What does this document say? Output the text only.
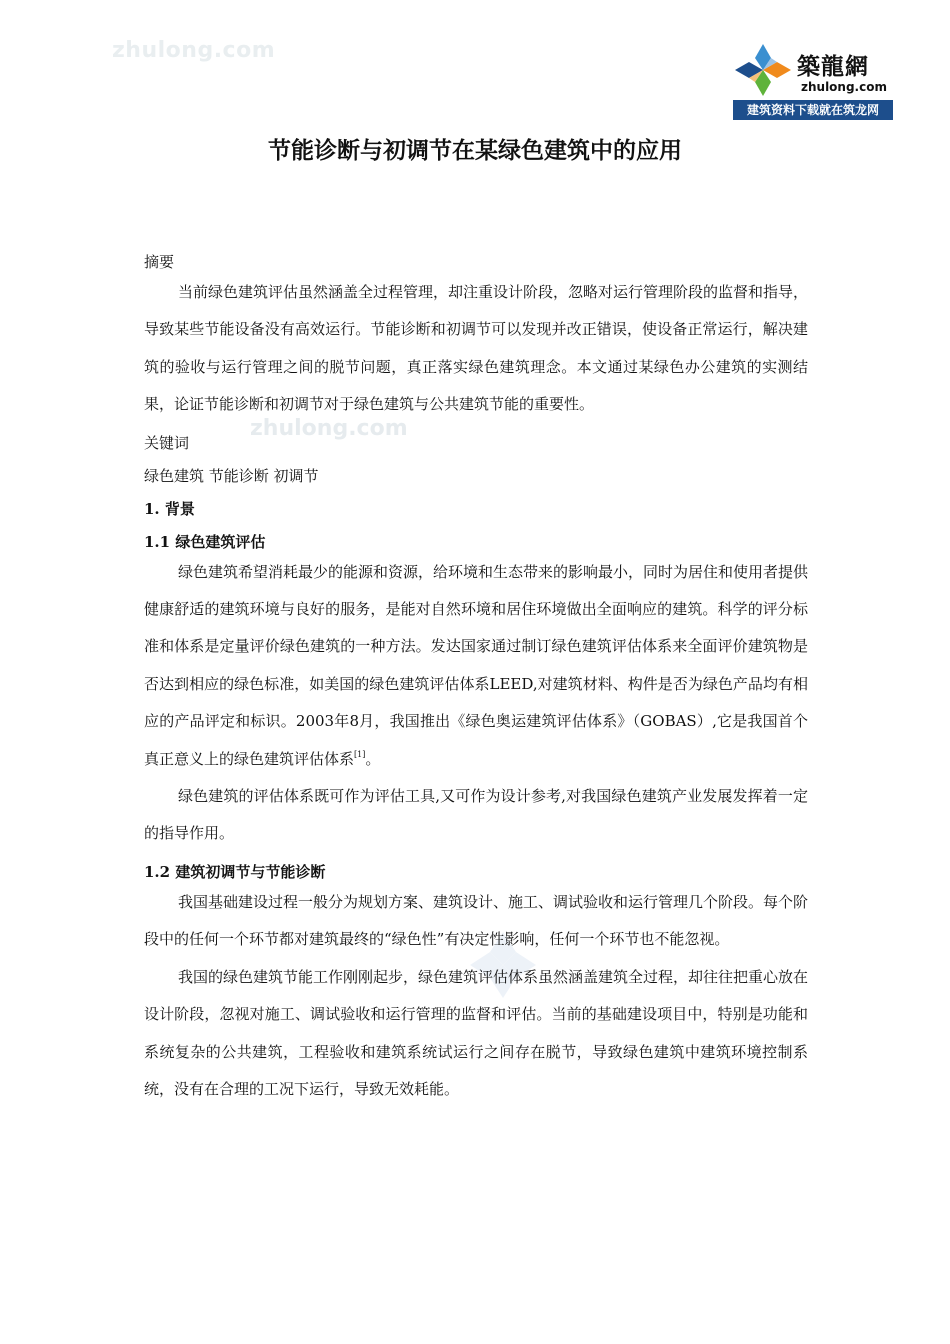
zhulong.com
zhulong.com
築龍網
zhulong.com
建筑资料下载就在筑龙网
节能诊断与初调节在某绿色建筑中的应用

摘要

当前绿色建筑评估虽然涵盖全过程管理，却注重设计阶段，忽略对运行管理阶段的监督和指导，导致某些节能设备没有高效运行。节能诊断和初调节可以发现并改正错误，使设备正常运行，解决建筑的验收与运行管理之间的脱节问题，真正落实绿色建筑理念。本文通过某绿色办公建筑的实测结果，论证节能诊断和初调节对于绿色建筑与公共建筑节能的重要性。

关键词

绿色建筑 节能诊断 初调节

1. 背景

1.1 绿色建筑评估

绿色建筑希望消耗最少的能源和资源，给环境和生态带来的影响最小，同时为居住和使用者提供健康舒适的建筑环境与良好的服务，是能对自然环境和居住环境做出全面响应的建筑。科学的评分标准和体系是定量评价绿色建筑的一种方法。发达国家通过制订绿色建筑评估体系来全面评价建筑物是否达到相应的绿色标准，如美国的绿色建筑评估体系LEED,对建筑材料、构件是否为绿色产品均有相应的产品评定和标识。2003年8月，我国推出《绿色奥运建筑评估体系》（GOBAS）,它是我国首个真正意义上的绿色建筑评估体系[1]。

绿色建筑的评估体系既可作为评估工具,又可作为设计参考,对我国绿色建筑产业发展发挥着一定的指导作用。

1.2 建筑初调节与节能诊断

我国基础建设过程一般分为规划方案、建筑设计、施工、调试验收和运行管理几个阶段。每个阶段中的任何一个环节都对建筑最终的“绿色性”有决定性影响，任何一个环节也不能忽视。

我国的绿色建筑节能工作刚刚起步，绿色建筑评估体系虽然涵盖建筑全过程，却往往把重心放在设计阶段，忽视对施工、调试验收和运行管理的监督和评估。当前的基础建设项目中，特别是功能和系统复杂的公共建筑，工程验收和建筑系统试运行之间存在脱节，导致绿色建筑中建筑环境控制系统，没有在合理的工况下运行，导致无效耗能。
